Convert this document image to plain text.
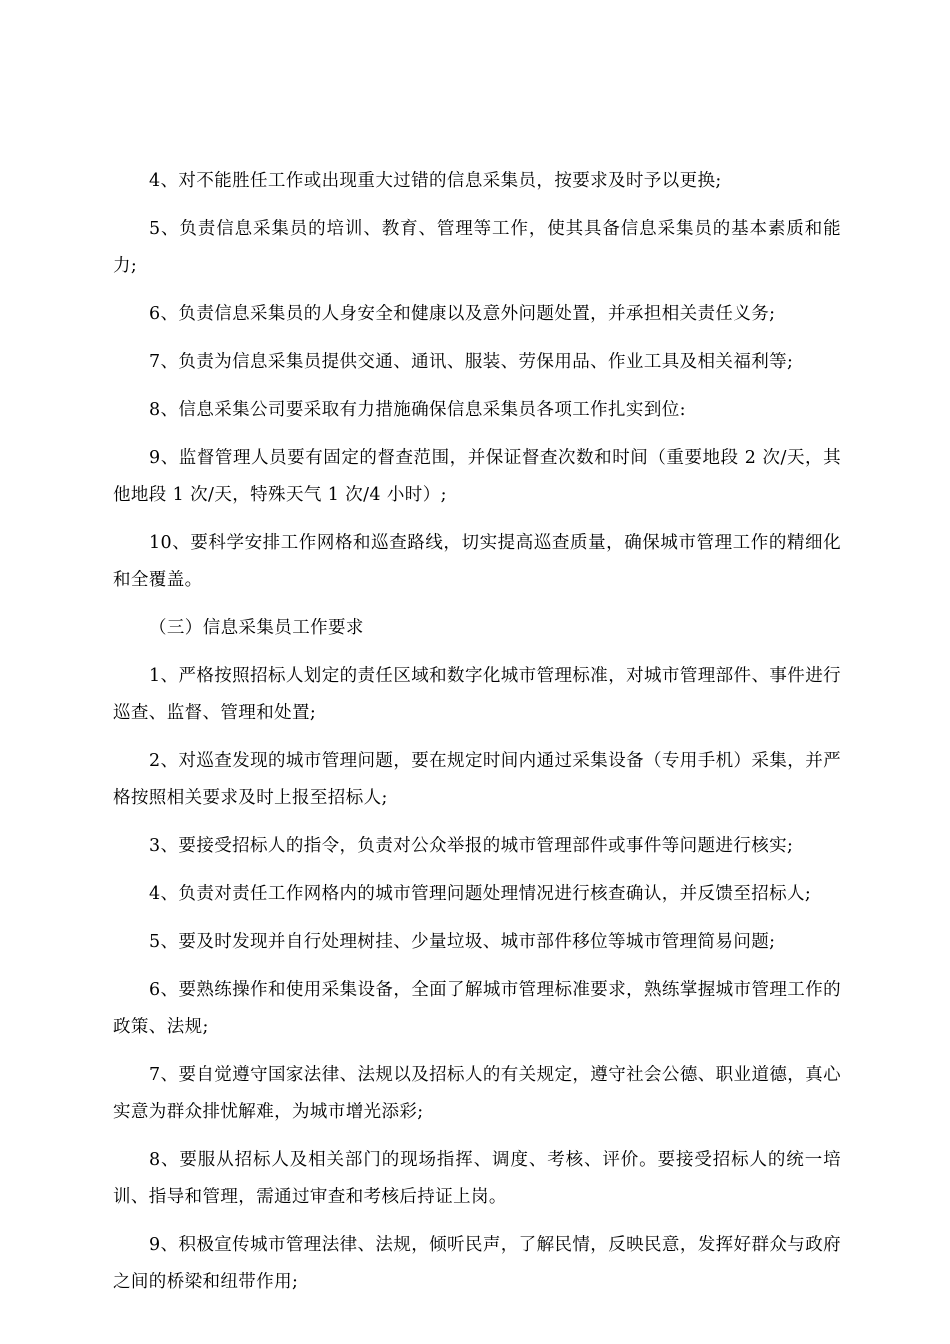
4、对不能胜任工作或出现重大过错的信息采集员，按要求及时予以更换;

5、负责信息采集员的培训、教育、管理等工作，使其具备信息采集员的基本素质和能力;

6、负责信息采集员的人身安全和健康以及意外问题处置，并承担相关责任义务;

7、负责为信息采集员提供交通、通讯、服装、劳保用品、作业工具及相关福利等;

8、信息采集公司要采取有力措施确保信息采集员各项工作扎实到位:

9、监督管理人员要有固定的督查范围，并保证督查次数和时间（重要地段 2 次/天，其他地段 1 次/天，特殊天气 1 次/4 小时）;

10、要科学安排工作网格和巡查路线，切实提高巡查质量，确保城市管理工作的精细化和全覆盖。

（三）信息采集员工作要求

1、严格按照招标人划定的责任区域和数字化城市管理标准，对城市管理部件、事件进行巡查、监督、管理和处置;

2、对巡查发现的城市管理问题，要在规定时间内通过采集设备（专用手机）采集，并严格按照相关要求及时上报至招标人;

3、要接受招标人的指令，负责对公众举报的城市管理部件或事件等问题进行核实;

4、负责对责任工作网格内的城市管理问题处理情况进行核查确认，并反馈至招标人;

5、要及时发现并自行处理树挂、少量垃圾、城市部件移位等城市管理简易问题;

6、要熟练操作和使用采集设备，全面了解城市管理标准要求，熟练掌握城市管理工作的政策、法规;

7、要自觉遵守国家法律、法规以及招标人的有关规定，遵守社会公德、职业道德，真心实意为群众排忧解难，为城市增光添彩;

8、要服从招标人及相关部门的现场指挥、调度、考核、评价。要接受招标人的统一培训、指导和管理，需通过审查和考核后持证上岗。

9、积极宣传城市管理法律、法规，倾听民声，了解民情，反映民意，发挥好群众与政府之间的桥梁和纽带作用;
